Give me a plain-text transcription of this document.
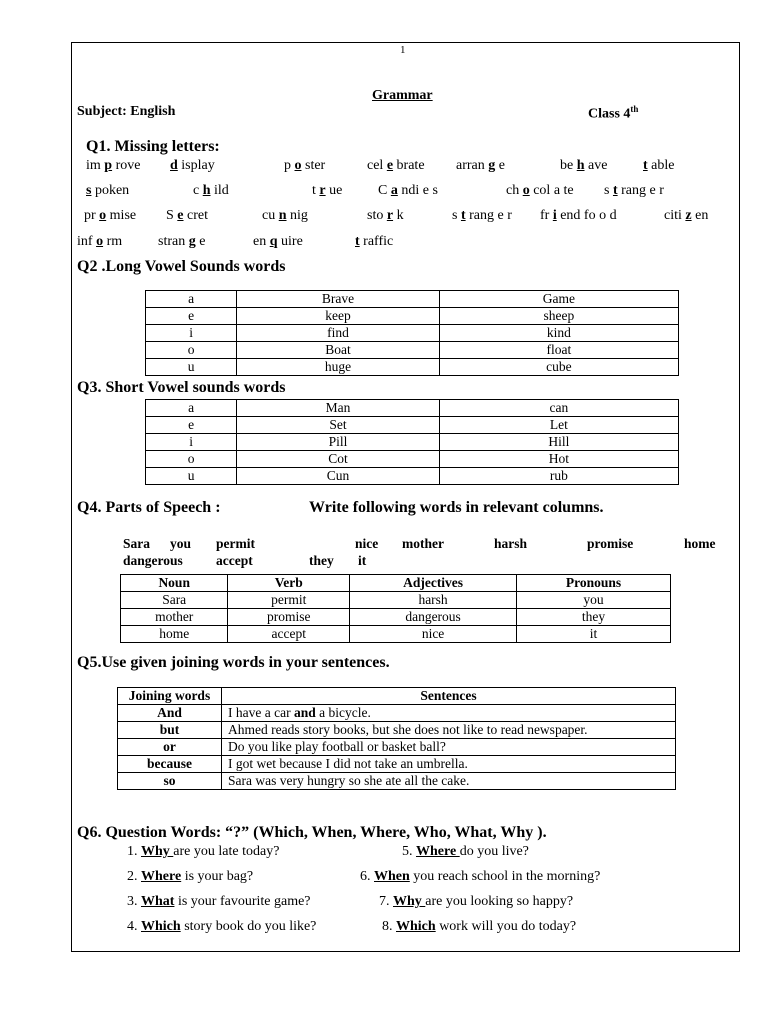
1
Grammar
Subject: English	Class 4th
Q1. Missing letters:
im p rove d isplay	p o ster	cel e brate arran g e	be h ave	t able
s poken	c h ild	t r ue	C a ndi e s	ch o col a te s t rang e r
pr o mise S e cret	cu n nig	sto r k	s t rang e r fr i end fo o d	citi z en
inf o rm	stran g e	en q uire	t raffic
Q2 .Long Vowel Sounds words
a	Brave	Game
e	keep	sheep
i	find	kind
o	Boat	float
u	huge	cube
Q3. Short Vowel sounds words
a	Man	can
e	Set	Let
i	Pill	Hill
o	Cot	Hot
u	Cun	rub
Q4. Parts of Speech :	Write following words in relevant columns.
Sara you permit	nice mother	harsh	promise	home
dangerous accept	they it
Noun	Verb	Adjectives	Pronouns
Sara	permit	harsh	you
mother	promise	dangerous	they
home	accept	nice	it
Q5.Use given joining words in your sentences.
Joining words	Sentences
And	I have a car and a bicycle.
but	Ahmed reads story books, but she does not like to read newspaper.
or	Do you like play football or basket ball?
because	I got wet because I did not take an umbrella.
so	Sara was very hungry so she ate all the cake.
Q6. Question Words: “?” (Which, When, Where, Who, What, Why ).
1. Why are you late today?	5. Where do you live?
2. Where is your bag?	6. When you reach school in the morning?
3. What is your favourite game?	7. Why are you looking so happy?
4. Which story book do you like?	8. Which work will you do today?
